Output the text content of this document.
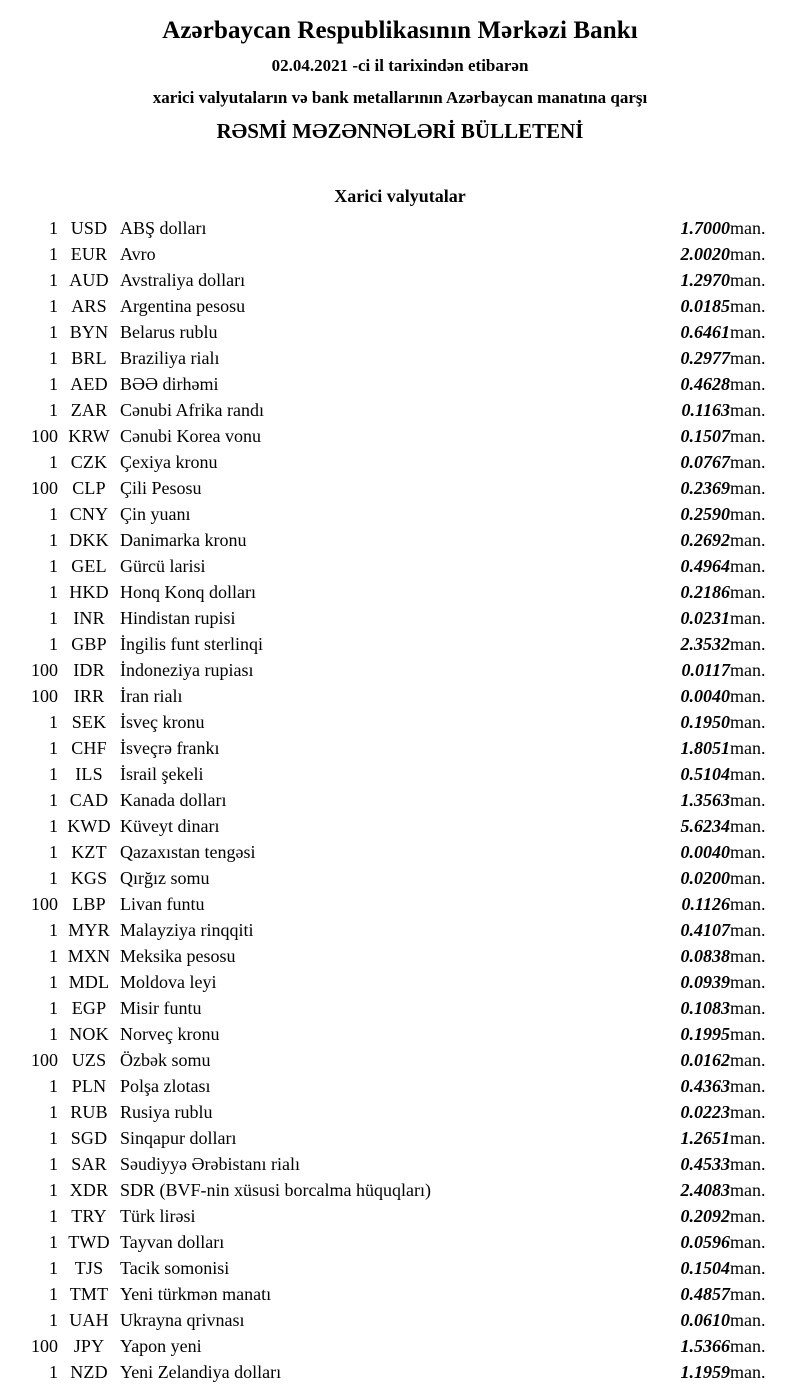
Azərbaycan Respublikasının Mərkəzi Bankı
02.04.2021 -ci il tarixindən etibarən
xarici valyutaların və bank metallarının Azərbaycan manatına qarşı
RƏSMİ MƏZƏNNƏLƏRİ BÜLLETENİ
Xarici valyutalar
1	USD	ABŞ dolları	1.7000	man.
1	EUR	Avro	2.0020	man.
1	AUD	Avstraliya dolları	1.2970	man.
1	ARS	Argentina pesosu	0.0185	man.
1	BYN	Belarus rublu	0.6461	man.
1	BRL	Braziliya rialı	0.2977	man.
1	AED	BƏƏ dirhəmi	0.4628	man.
1	ZAR	Cənubi Afrika randı	0.1163	man.
100	KRW	Cənubi Korea vonu	0.1507	man.
1	CZK	Çexiya kronu	0.0767	man.
100	CLP	Çili Pesosu	0.2369	man.
1	CNY	Çin yuanı	0.2590	man.
1	DKK	Danimarka kronu	0.2692	man.
1	GEL	Gürcü larisi	0.4964	man.
1	HKD	Honq Konq dolları	0.2186	man.
1	INR	Hindistan rupisi	0.0231	man.
1	GBP	İngilis funt sterlinqi	2.3532	man.
100	IDR	İndoneziya rupiası	0.0117	man.
100	IRR	İran rialı	0.0040	man.
1	SEK	İsveç kronu	0.1950	man.
1	CHF	İsveçrə frankı	1.8051	man.
1	ILS	İsrail şekeli	0.5104	man.
1	CAD	Kanada dolları	1.3563	man.
1	KWD	Küveyt dinarı	5.6234	man.
1	KZT	Qazaxıstan tengəsi	0.0040	man.
1	KGS	Qırğız somu	0.0200	man.
100	LBP	Livan funtu	0.1126	man.
1	MYR	Malayziya rinqqiti	0.4107	man.
1	MXN	Meksika pesosu	0.0838	man.
1	MDL	Moldova leyi	0.0939	man.
1	EGP	Misir funtu	0.1083	man.
1	NOK	Norveç kronu	0.1995	man.
100	UZS	Özbək somu	0.0162	man.
1	PLN	Polşa zlotası	0.4363	man.
1	RUB	Rusiya rublu	0.0223	man.
1	SGD	Sinqapur dolları	1.2651	man.
1	SAR	Səudiyyə Ərəbistanı rialı	0.4533	man.
1	XDR	SDR (BVF-nin xüsusi borcalma hüquqları)	2.4083	man.
1	TRY	Türk lirəsi	0.2092	man.
1	TWD	Tayvan dolları	0.0596	man.
1	TJS	Tacik somonisi	0.1504	man.
1	TMT	Yeni türkmən manatı	0.4857	man.
1	UAH	Ukrayna qrivnası	0.0610	man.
100	JPY	Yapon yeni	1.5366	man.
1	NZD	Yeni Zelandiya dolları	1.1959	man.
